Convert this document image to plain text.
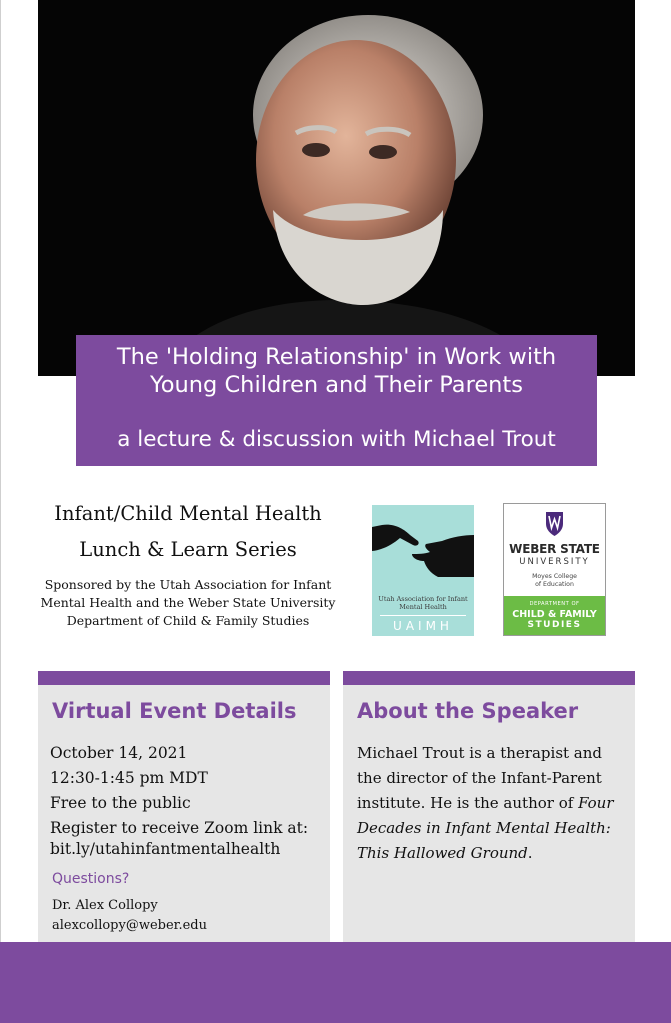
The 'Holding Relationship' in Work with
Young Children and Their Parents
a lecture & discussion with Michael Trout
Infant/Child Mental Health
Lunch & Learn Series
Sponsored by the Utah Association for Infant
Mental Health and the Weber State University
Department of Child & Family Studies
Utah Association for Infant
Mental Health
UAIMH
WEBER STATE
UNIVERSITY
Moyes College
of Education
DEPARTMENT OF
CHILD & FAMILY
STUDIES
Virtual Event Details
October 14, 2021
12:30-1:45 pm MDT
Free to the public
Register to receive Zoom link at:
bit.ly/utahinfantmentalhealth
Questions?
Dr. Alex Collopy
alexcollopy@weber.edu
About the Speaker
Michael Trout is a therapist and
the director of the Infant-Parent
institute. He is the author of Four
Decades in Infant Mental Health:
This Hallowed Ground.
